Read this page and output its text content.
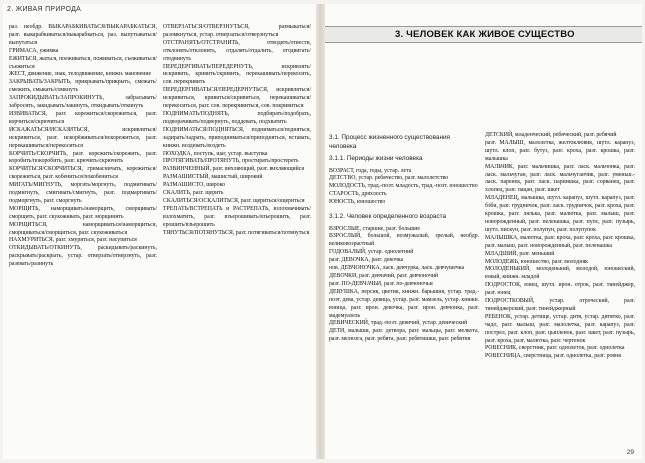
2. ЖИВАЯ ПРИРОДА

раз. необдр. ВЫКАРАБКИВАТЬСЯ/ВЫКАРАБКАТЬСЯ, разг. выкарабкиваться/выкарабкаться, раз. выпутываться/выпутаться

ГРИМАСА, ужимка

ЕЖИТЬСЯ, жаться, поеживаться, поживаться, съеживаться/съежиться

ЖЕСТ, движение, знак, телодвижение, книжн. мановение

ЗАКРЫВАТЬ/ЗАКРЫТЬ, прикрывать/прикрыть, смежать/смежить, смыкать/сомкнуть

ЗАПРОКИДЫВАТЬ/ЗАПРОКИНУТЬ, забрасывать/забросить, закидывать/закинуть, откидывать/откинуть

ИЗВИВАТЬСЯ, разг. корежиться/скорежиться, разг. корчиться/скрючиться

ИСКАЖАТЬСЯ/ИСКАЗИТЬСЯ, искривляться/искривиться, разг. искорёживаться/искорежиться, разг. перекашиваться/перекоситься

КОРЧИТЬ/СКОРЧИТЬ, разг. корежить/скорежить, разг. коробить/покоробить, разг. крючить/скрючить

КОРЧИТЬСЯ/СКОРЧИТЬСЯ, гримасничать, корежиться/скорежиться, разг. кобениться/покобениться

МИГАТЬ/МИГНУТЬ, моргать/моргнуть, подмигивать/подмигнуть, смигивать/смигнуть, разг. подмаргивать/подморгнуть, разг. сморгнуть

МОРЩИТЬ, наморщивать/наморщить, сморщивать/сморщить, разг. скукоживать, разг. морщинить

МОРЩИТЬСЯ, наморщиваться/наморщиться, сморщиваться/сморщиться, разг. скукоживаться

НАХМУРИТЬСЯ, разг. хмуриться, разг. насупиться

ОТКИДЫВАТЬ/ОТКИНУТЬ, раскидывать/раскинуть, раскрывать/раскрыть, устар. отверзать/отверзнуть, разг. разевать/разинуть

ОТВЕРЗАТЬСЯ/ОТВЕРЗНУТЬСЯ, размыкаться/разомкнуться, устар. отверзаться/отверзнуться

ОТСТРАНЯТЬ/ОТСТРАНИТЬ, отводить/отвести, отклонять/отклонить, отдалять/отдалить, отодвигать/отодвинуть

ПЕРЕДЕРГИВАТЬ/ПЕРЕДЕРНУТЬ, искривлять/искривить, кривить/скривить, перекашивать/перекосить, сов. перекривить

ПЕРЕДЕРГИВАТЬСЯ/ПЕРЕДЕРНУТЬСЯ, искривляться/искривиться, кривиться/скривиться, перекашиваться/перекоситься, разг. сов. перекривиться, сов. покривиться

ПОДНИМАТЬ/ПОДНЯТЬ, подбирать/подобрать, подворачивать/подвернуть, поддевать, подхватить

ПОДНИМАТЬСЯ/ПОДНЯТЬСЯ, подниматься/подняться, задирать/задрать, приподниматься/приподняться, вставать, книжн. воздевать/воздеть

ПОХОДКА, поступь, шаг, устар. выступка

ПРОТЯГИВАТЬ/ПРОТЯНУТЬ, простирать/простереть

РАЗВИНЧЕННЫЙ, разг. вихляющий, разг. вихляющийся

РАЗМАШИСТЫЙ, машистый, широкий

РАЗМАШИСТО, широко

СКАЛИТЬ, разг. щерить

СКАЛИТЬСЯ/ОСКАЛИТЬСЯ, разг. щериться/ощериться

ТРЕПАТЬ/ВСТРЕПАТЬ и РАСТРЕПАТЬ, взлохмачивать/взлохматить, разг. взъерошивать/взъерошить, разг. ерошить/взъерошить

ТЯНУТЬСЯ/ПОТЯНУТЬСЯ, разг. потягиваться/потянуться

3. ЧЕЛОВЕК КАК ЖИВОЕ СУЩЕСТВО
3.1. Процесс жизненного существования человека
3.1.1. Периоды жизни человека

ВОЗРАСТ, года, годы, устар. лета

ДЕТСТВО, устар. ребячество, разг. малолетство

МОЛОДОСТЬ, трад.-поэт. младость, трад.-поэт. юношество

СТАРОСТЬ, дряхлость

ЮНОСТЬ, юношество

3.1.2. Человек определенного возраста

ВЗРОСЛЫЕ, старшие, разг. большие

ВЗРОСЛЫЙ, большой, возмужалый, зрелый, необдр. великовозрастный

ГОДОВАЛЫЙ, устар. однолетний

разг. ДЕВОЧКА, разг. девочка

нов. ДЕВЧОНОЧКА, ласк. девчурка, ласк. девчушечка

ДЕВОЧКИ, разг. девчачий, разг. девчоночий

разг. ПО-ДЕВЧАЧЬИ, разг. по-девчоночьи

ДЕВУШКА, персик, цветик, книжн. барышня, устар. трад.-поэт. дева, устар. девица, устар. разг. мамзель, устар. книжн. юница, разг. ирон. девочка, разг. ирон. девчонка, разг. мадемуазель

ДЕВИЧЕСКИЙ, трад.-поэт. девичий, устар. девический

ДЕТИ, малыши, разг. детвора, разг. мальцы, разг. мелкота, разг. мелюзга, разг. ребята, разг. ребятишки, разг. ребятня

ДЕТСКИЙ, младенческий, ребяческий, разг. ребячий

разг. МАЛЫШ, малолетка, желтоклювик, шутл. карапуз, шутл. клоп, разг. бутуз, разг. кроха, разг. крошка, разг. малышка

МАЛЬЧИК, разг. мальчишка, разг. ласк. мальчонка, разг. ласк. мальчуган, разг. ласк. мальчуганчик, разг. уменьш.-ласк. паренек, разг. ласк. парнишка, разг. сорванец, разг. хлопец, разг. пацан, разг. шкет

МЛАДЕНЕЦ, малышка, шутл. карапуз, шутл. карапуз, разг. бэби, разг. грудничок, разг. ласк. грудничок, разг. кроха, разг. крошка, разг. лялька, разг. малютка, разг. малыш, разг. новорожденный, разг. пеленашка, разг. пупс, разг. пузырь, шутл. пискун, разг. полупун, разг. полупупок

МАЛЫШКА, малютка, разг. кроха, разг. кроха, разг. крошка, разг. малыш, разг. новорожденный, разг. пеленашка

МЛАДШИЙ, разг. меньший

МОЛОДЕЖЬ, юношество, разг. молодняк

МОЛОДЕНЬКИЙ, молоденький, молодой, юношеский, юный, книжн. младой

ПОДРОСТОК, юнец, шутл. ирон. отрок, разг. тинейджер, разг. юнец

ПОДРОСТКОВЫЙ, устар. отроческий, разг. тинейджерский, разг. тинейджерный

РЕБЕНОК, устар. детище, устар. дитя, устар. дитятко, разг. чадо, разг. малыш, разг. малолетка, разг. карапуз, разг. пострел, разг. клоп, разг. цыпленок, разг. шкет, разг. пузырь, разг. кроха, разг. малютка, разг. чертенок

РОВЕСНИК, сверстник, разг. однолеток, разг. однолетка

РОВЕСНИЦА, сверстница, разг. однолетка, разг. ровня

29
